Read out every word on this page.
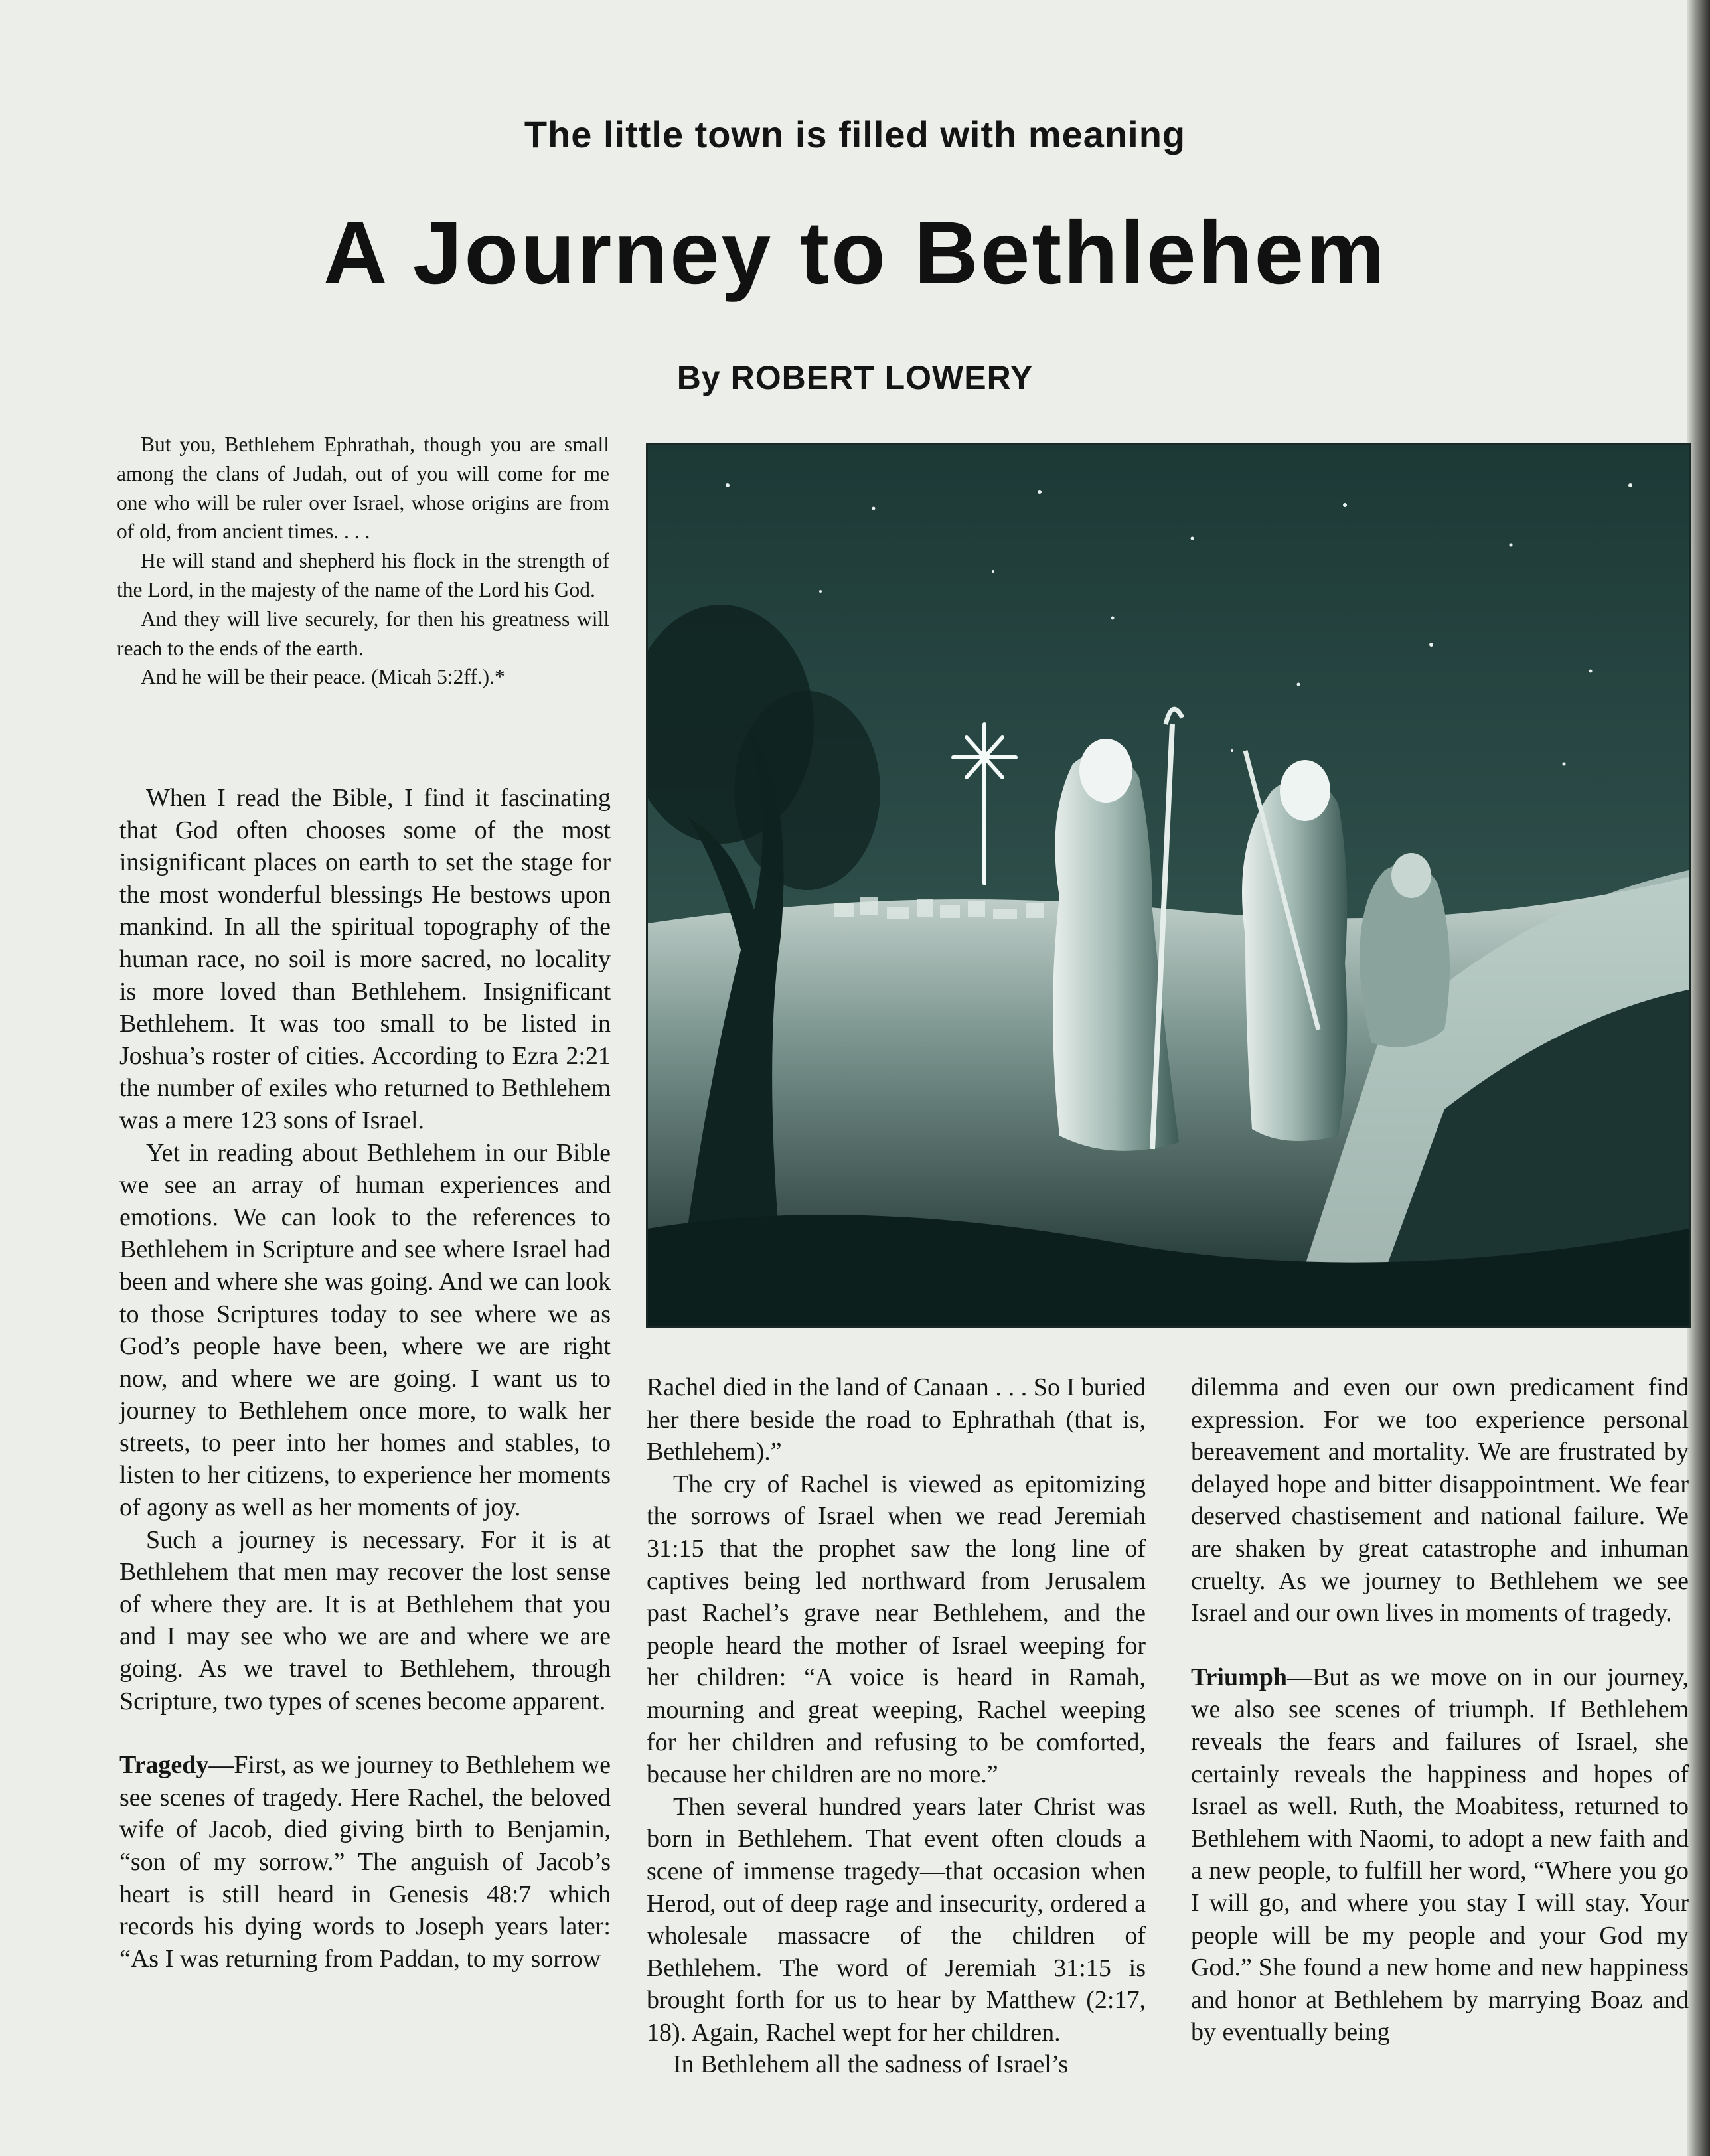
The little town is filled with meaning
A Journey to Bethlehem
By ROBERT LOWERY

But you, Bethlehem Ephrathah, though you are small among the clans of Judah, out of you will come for me one who will be ruler over Israel, whose origins are from of old, from ancient times. . . .

He will stand and shepherd his flock in the strength of the Lord, in the majesty of the name of the Lord his God.

And they will live securely, for then his greatness will reach to the ends of the earth.

And he will be their peace. (Micah 5:2ff.).*

When I read the Bible, I find it fascinating that God often chooses some of the most insignificant places on earth to set the stage for the most wonderful blessings He bestows upon mankind. In all the spiritual topography of the human race, no soil is more sacred, no locality is more loved than Bethlehem. Insignificant Bethlehem. It was too small to be listed in Joshua’s roster of cities. According to Ezra 2:21 the number of exiles who returned to Bethlehem was a mere 123 sons of Israel.

Yet in reading about Bethlehem in our Bible we see an array of human experiences and emotions. We can look to the references to Bethlehem in Scripture and see where Israel had been and where she was going. And we can look to those Scriptures today to see where we as God’s people have been, where we are right now, and where we are going. I want us to journey to Bethlehem once more, to walk her streets, to peer into her homes and stables, to listen to her citizens, to experience her moments of agony as well as her moments of joy.

Such a journey is necessary. For it is at Bethlehem that men may recover the lost sense of where they are. It is at Bethlehem that you and I may see who we are and where we are going. As we travel to Bethlehem, through Scripture, two types of scenes become apparent.

Tragedy—First, as we journey to Bethlehem we see scenes of tragedy. Here Rachel, the beloved wife of Jacob, died giving birth to Benjamin, “son of my sorrow.” The anguish of Jacob’s heart is still heard in Genesis 48:7 which records his dying words to Joseph years later: “As I was returning from Paddan, to my sorrow

Rachel died in the land of Canaan . . . So I buried her there beside the road to Ephrathah (that is, Bethlehem).”

The cry of Rachel is viewed as epitomizing the sorrows of Israel when we read Jeremiah 31:15 that the prophet saw the long line of captives being led northward from Jerusalem past Rachel’s grave near Bethlehem, and the people heard the mother of Israel weeping for her children: “A voice is heard in Ramah, mourning and great weeping, Rachel weeping for her children and refusing to be comforted, because her children are no more.”

Then several hundred years later Christ was born in Bethlehem. That event often clouds a scene of immense tragedy—that occasion when Herod, out of deep rage and insecurity, ordered a wholesale massacre of the children of Bethlehem. The word of Jeremiah 31:15 is brought forth for us to hear by Matthew (2:17, 18). Again, Rachel wept for her children.

In Bethlehem all the sadness of Israel’s

dilemma and even our own predicament find expression. For we too experience personal bereavement and mortality. We are frustrated by delayed hope and bitter disappointment. We fear deserved chastisement and national failure. We are shaken by great catastrophe and inhuman cruelty. As we journey to Bethlehem we see Israel and our own lives in moments of tragedy.

Triumph—But as we move on in our journey, we also see scenes of triumph. If Bethlehem reveals the fears and failures of Israel, she certainly reveals the happiness and hopes of Israel as well. Ruth, the Moabitess, returned to Bethlehem with Naomi, to adopt a new faith and a new people, to fulfill her word, “Where you go I will go, and where you stay I will stay. Your people will be my people and your God my God.” She found a new home and new happiness and honor at Bethlehem by marrying Boaz and by eventually being
